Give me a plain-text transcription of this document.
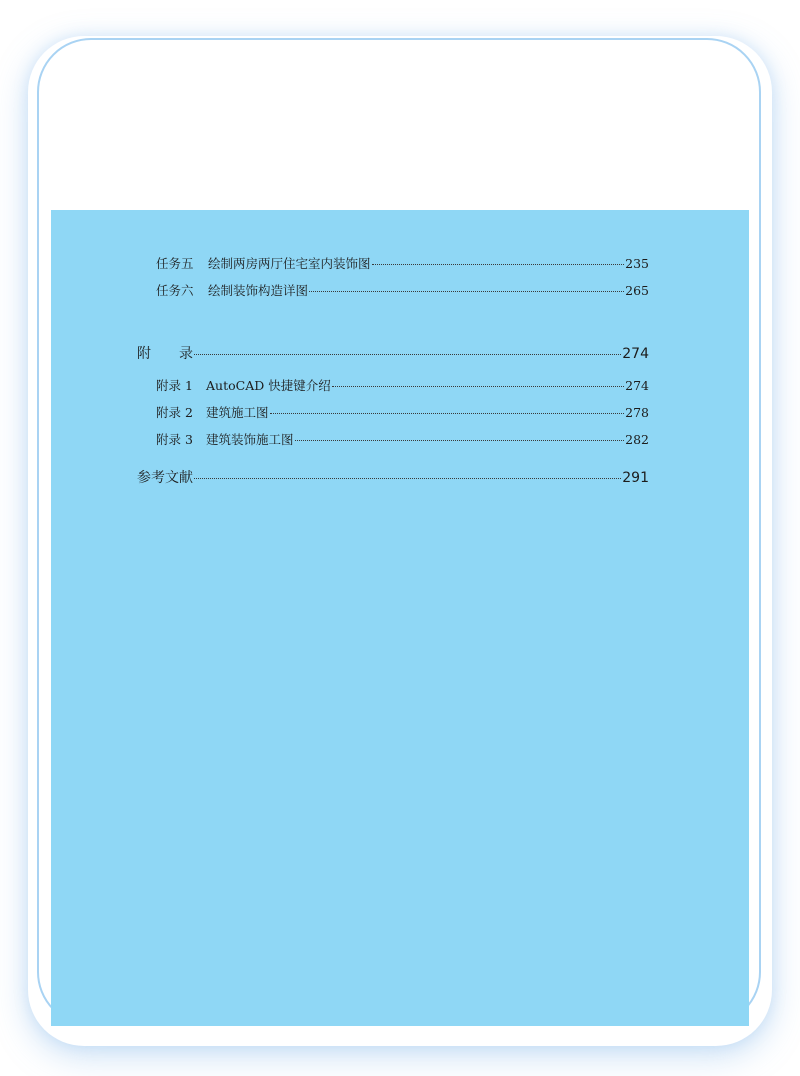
任务五	绘制两房两厅住宅室内装饰图	235
任务六	绘制装饰构造详图	265
附录	274
附录 1	AutoCAD 快捷键介绍	274
附录 2	建筑施工图	278
附录 3	建筑装饰施工图	282
参考文献	291
